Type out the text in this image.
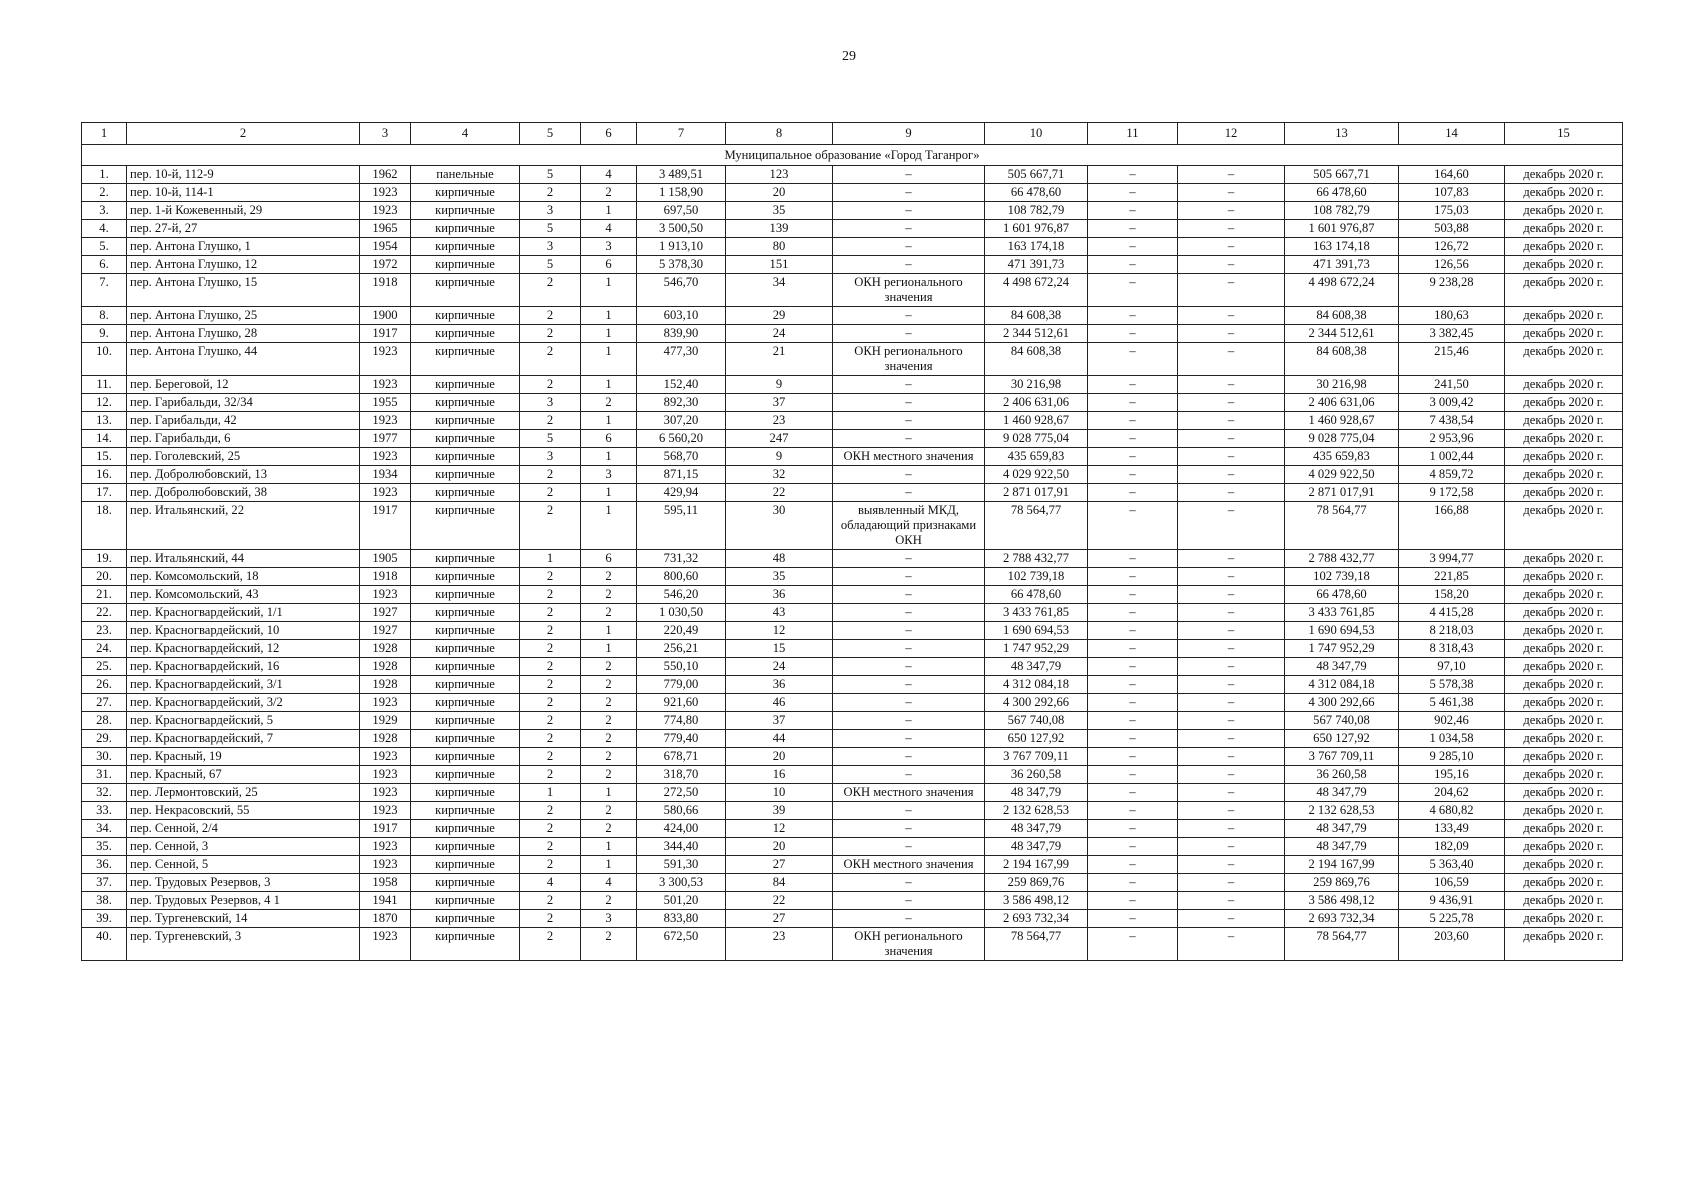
29
1	2	3	4	5	6	7	8	9	10	11	12	13	14	15
Муниципальное образование «Город Таганрог»														
1.	пер. 10-й, 112-9	1962	панельные	5	4	3 489,51	123	–	505 667,71	–	–	505 667,71	164,60	декабрь 2020 г.
2.	пер. 10-й, 114-1	1923	кирпичные	2	2	1 158,90	20	–	66 478,60	–	–	66 478,60	107,83	декабрь 2020 г.
3.	пер. 1-й Кожевенный, 29	1923	кирпичные	3	1	697,50	35	–	108 782,79	–	–	108 782,79	175,03	декабрь 2020 г.
4.	пер. 27-й, 27	1965	кирпичные	5	4	3 500,50	139	–	1 601 976,87	–	–	1 601 976,87	503,88	декабрь 2020 г.
5.	пер. Антона Глушко, 1	1954	кирпичные	3	3	1 913,10	80	–	163 174,18	–	–	163 174,18	126,72	декабрь 2020 г.
6.	пер. Антона Глушко, 12	1972	кирпичные	5	6	5 378,30	151	–	471 391,73	–	–	471 391,73	126,56	декабрь 2020 г.
7.	пер. Антона Глушко, 15	1918	кирпичные	2	1	546,70	34	ОКН регионального значения	4 498 672,24	–	–	4 498 672,24	9 238,28	декабрь 2020 г.
8.	пер. Антона Глушко, 25	1900	кирпичные	2	1	603,10	29	–	84 608,38	–	–	84 608,38	180,63	декабрь 2020 г.
9.	пер. Антона Глушко, 28	1917	кирпичные	2	1	839,90	24	–	2 344 512,61	–	–	2 344 512,61	3 382,45	декабрь 2020 г.
10.	пер. Антона Глушко, 44	1923	кирпичные	2	1	477,30	21	ОКН регионального значения	84 608,38	–	–	84 608,38	215,46	декабрь 2020 г.
11.	пер. Береговой, 12	1923	кирпичные	2	1	152,40	9	–	30 216,98	–	–	30 216,98	241,50	декабрь 2020 г.
12.	пер. Гарибальди, 32/34	1955	кирпичные	3	2	892,30	37	–	2 406 631,06	–	–	2 406 631,06	3 009,42	декабрь 2020 г.
13.	пер. Гарибальди, 42	1923	кирпичные	2	1	307,20	23	–	1 460 928,67	–	–	1 460 928,67	7 438,54	декабрь 2020 г.
14.	пер. Гарибальди, 6	1977	кирпичные	5	6	6 560,20	247	–	9 028 775,04	–	–	9 028 775,04	2 953,96	декабрь 2020 г.
15.	пер. Гоголевский, 25	1923	кирпичные	3	1	568,70	9	ОКН местного значения	435 659,83	–	–	435 659,83	1 002,44	декабрь 2020 г.
16.	пер. Добролюбовский, 13	1934	кирпичные	2	3	871,15	32	–	4 029 922,50	–	–	4 029 922,50	4 859,72	декабрь 2020 г.
17.	пер. Добролюбовский, 38	1923	кирпичные	2	1	429,94	22	–	2 871 017,91	–	–	2 871 017,91	9 172,58	декабрь 2020 г.
18.	пер. Итальянский, 22	1917	кирпичные	2	1	595,11	30	выявленный МКД, обладающий признаками ОКН	78 564,77	–	–	78 564,77	166,88	декабрь 2020 г.
19.	пер. Итальянский, 44	1905	кирпичные	1	6	731,32	48	–	2 788 432,77	–	–	2 788 432,77	3 994,77	декабрь 2020 г.
20.	пер. Комсомольский, 18	1918	кирпичные	2	2	800,60	35	–	102 739,18	–	–	102 739,18	221,85	декабрь 2020 г.
21.	пер. Комсомольский, 43	1923	кирпичные	2	2	546,20	36	–	66 478,60	–	–	66 478,60	158,20	декабрь 2020 г.
22.	пер. Красногвардейский, 1/1	1927	кирпичные	2	2	1 030,50	43	–	3 433 761,85	–	–	3 433 761,85	4 415,28	декабрь 2020 г.
23.	пер. Красногвардейский, 10	1927	кирпичные	2	1	220,49	12	–	1 690 694,53	–	–	1 690 694,53	8 218,03	декабрь 2020 г.
24.	пер. Красногвардейский, 12	1928	кирпичные	2	1	256,21	15	–	1 747 952,29	–	–	1 747 952,29	8 318,43	декабрь 2020 г.
25.	пер. Красногвардейский, 16	1928	кирпичные	2	2	550,10	24	–	48 347,79	–	–	48 347,79	97,10	декабрь 2020 г.
26.	пер. Красногвардейский, 3/1	1928	кирпичные	2	2	779,00	36	–	4 312 084,18	–	–	4 312 084,18	5 578,38	декабрь 2020 г.
27.	пер. Красногвардейский, 3/2	1923	кирпичные	2	2	921,60	46	–	4 300 292,66	–	–	4 300 292,66	5 461,38	декабрь 2020 г.
28.	пер. Красногвардейский, 5	1929	кирпичные	2	2	774,80	37	–	567 740,08	–	–	567 740,08	902,46	декабрь 2020 г.
29.	пер. Красногвардейский, 7	1928	кирпичные	2	2	779,40	44	–	650 127,92	–	–	650 127,92	1 034,58	декабрь 2020 г.
30.	пер. Красный, 19	1923	кирпичные	2	2	678,71	20	–	3 767 709,11	–	–	3 767 709,11	9 285,10	декабрь 2020 г.
31.	пер. Красный, 67	1923	кирпичные	2	2	318,70	16	–	36 260,58	–	–	36 260,58	195,16	декабрь 2020 г.
32.	пер. Лермонтовский, 25	1923	кирпичные	1	1	272,50	10	ОКН местного значения	48 347,79	–	–	48 347,79	204,62	декабрь 2020 г.
33.	пер. Некрасовский, 55	1923	кирпичные	2	2	580,66	39	–	2 132 628,53	–	–	2 132 628,53	4 680,82	декабрь 2020 г.
34.	пер. Сенной, 2/4	1917	кирпичные	2	2	424,00	12	–	48 347,79	–	–	48 347,79	133,49	декабрь 2020 г.
35.	пер. Сенной, 3	1923	кирпичные	2	1	344,40	20	–	48 347,79	–	–	48 347,79	182,09	декабрь 2020 г.
36.	пер. Сенной, 5	1923	кирпичные	2	1	591,30	27	ОКН местного значения	2 194 167,99	–	–	2 194 167,99	5 363,40	декабрь 2020 г.
37.	пер. Трудовых Резервов, 3	1958	кирпичные	4	4	3 300,53	84	–	259 869,76	–	–	259 869,76	106,59	декабрь 2020 г.
38.	пер. Трудовых Резервов, 4 1	1941	кирпичные	2	2	501,20	22	–	3 586 498,12	–	–	3 586 498,12	9 436,91	декабрь 2020 г.
39.	пер. Тургеневский, 14	1870	кирпичные	2	3	833,80	27	–	2 693 732,34	–	–	2 693 732,34	5 225,78	декабрь 2020 г.
40.	пер. Тургеневский, 3	1923	кирпичные	2	2	672,50	23	ОКН регионального значения	78 564,77	–	–	78 564,77	203,60	декабрь 2020 г.
